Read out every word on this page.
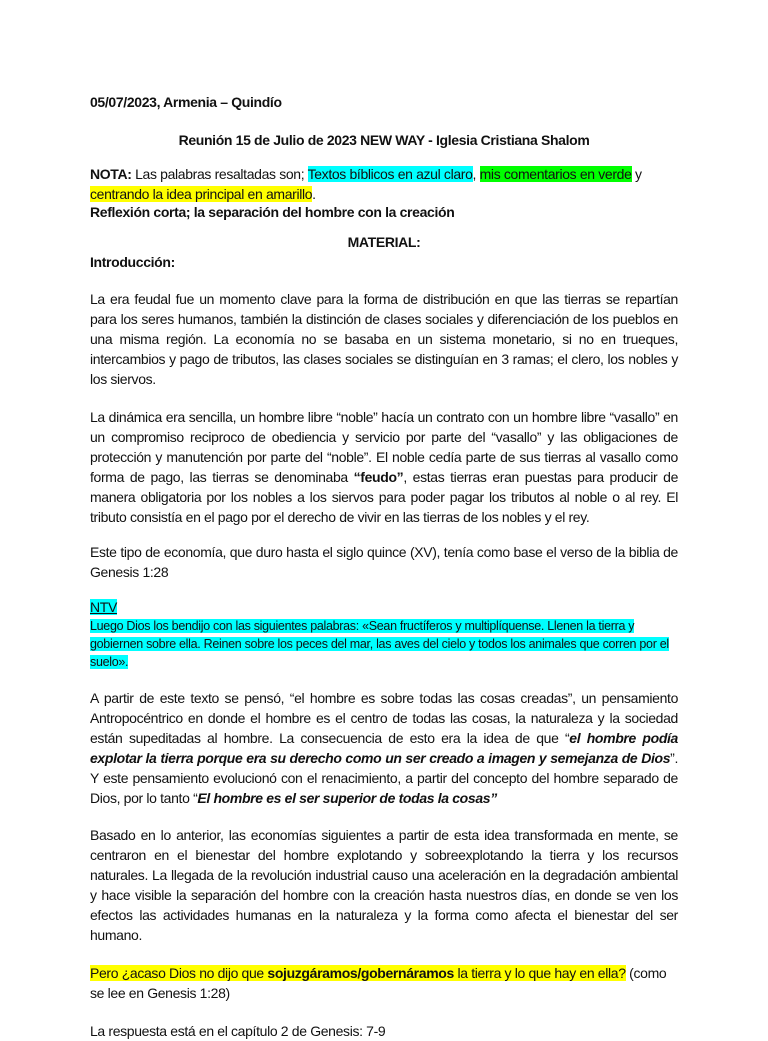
05/07/2023, Armenia – Quindío

Reunión 15 de Julio de 2023 NEW WAY - Iglesia Cristiana Shalom

NOTA: Las palabras resaltadas son; Textos bíblicos en azul claro, mis comentarios en verde y centrando la idea principal en amarillo.

Reflexión corta; la separación del hombre con la creación

MATERIAL:

Introducción:

La era feudal fue un momento clave para la forma de distribución en que las tierras se repartían para los seres humanos, también la distinción de clases sociales y diferenciación de los pueblos en una misma región. La economía no se basaba en un sistema monetario, si no en trueques, intercambios y pago de tributos, las clases sociales se distinguían en 3 ramas; el clero, los nobles y los siervos.

La dinámica era sencilla, un hombre libre “noble” hacía un contrato con un hombre libre “vasallo” en un compromiso reciproco de obediencia y servicio por parte del “vasallo” y las obligaciones de protección y manutención por parte del “noble”. El noble cedía parte de sus tierras al vasallo como forma de pago, las tierras se denominaba “feudo”, estas tierras eran puestas para producir de manera obligatoria por los nobles a los siervos para poder pagar los tributos al noble o al rey. El tributo consistía en el pago por el derecho de vivir en las tierras de los nobles y el rey.

Este tipo de economía, que duro hasta el siglo quince (XV), tenía como base el verso de la biblia de Genesis 1:28

NTV

Luego Dios los bendijo con las siguientes palabras: «Sean fructíferos y multiplíquense. Llenen la tierra y gobiernen sobre ella. Reinen sobre los peces del mar, las aves del cielo y todos los animales que corren por el suelo».

A partir de este texto se pensó, “el hombre es sobre todas las cosas creadas”, un pensamiento Antropocéntrico en donde el hombre es el centro de todas las cosas, la naturaleza y la sociedad están supeditadas al hombre. La consecuencia de esto era la idea de que “el hombre podía explotar la tierra porque era su derecho como un ser creado a imagen y semejanza de Dios”. Y este pensamiento evolucionó con el renacimiento, a partir del concepto del hombre separado de Dios, por lo tanto “El hombre es el ser superior de todas la cosas”

Basado en lo anterior, las economías siguientes a partir de esta idea transformada en mente, se centraron en el bienestar del hombre explotando y sobreexplotando la tierra y los recursos naturales. La llegada de la revolución industrial causo una aceleración en la degradación ambiental y hace visible la separación del hombre con la creación hasta nuestros días, en donde se ven los efectos las actividades humanas en la naturaleza y la forma como afecta el bienestar del ser humano.

Pero ¿acaso Dios no dijo que sojuzgáramos/gobernáramos la tierra y lo que hay en ella? (como se lee en Genesis 1:28)

La respuesta está en el capítulo 2 de Genesis: 7-9
